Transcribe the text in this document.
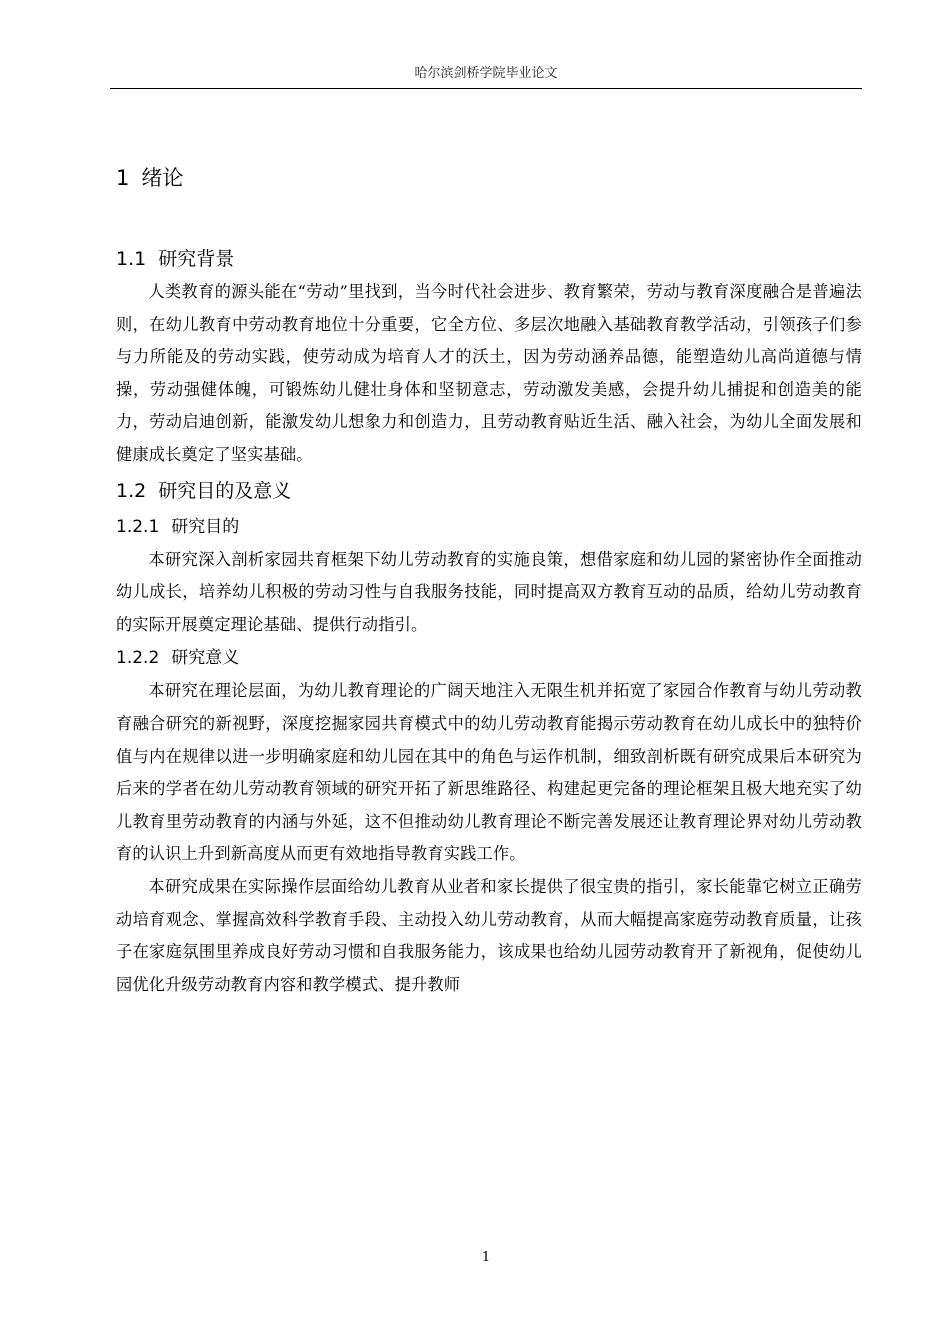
哈尔滨剑桥学院毕业论文
1 绪论
1.1 研究背景

人类教育的源头能在“劳动”里找到，当今时代社会进步、教育繁荣，劳动与教育深度融合是普遍法则，在幼儿教育中劳动教育地位十分重要，它全方位、多层次地融入基础教育教学活动，引领孩子们参与力所能及的劳动实践，使劳动成为培育人才的沃土，因为劳动涵养品德，能塑造幼儿高尚道德与情操，劳动强健体魄，可锻炼幼儿健壮身体和坚韧意志，劳动激发美感，会提升幼儿捕捉和创造美的能力，劳动启迪创新，能激发幼儿想象力和创造力，且劳动教育贴近生活、融入社会，为幼儿全面发展和健康成长奠定了坚实基础。

1.2 研究目的及意义
1.2.1 研究目的

本研究深入剖析家园共育框架下幼儿劳动教育的实施良策，想借家庭和幼儿园的紧密协作全面推动幼儿成长，培养幼儿积极的劳动习性与自我服务技能，同时提高双方教育互动的品质，给幼儿劳动教育的实际开展奠定理论基础、提供行动指引。

1.2.2 研究意义

本研究在理论层面，为幼儿教育理论的广阔天地注入无限生机并拓宽了家园合作教育与幼儿劳动教育融合研究的新视野，深度挖掘家园共育模式中的幼儿劳动教育能揭示劳动教育在幼儿成长中的独特价值与内在规律以进一步明确家庭和幼儿园在其中的角色与运作机制，细致剖析既有研究成果后本研究为后来的学者在幼儿劳动教育领域的研究开拓了新思维路径、构建起更完备的理论框架且极大地充实了幼儿教育里劳动教育的内涵与外延，这不但推动幼儿教育理论不断完善发展还让教育理论界对幼儿劳动教育的认识上升到新高度从而更有效地指导教育实践工作。

本研究成果在实际操作层面给幼儿教育从业者和家长提供了很宝贵的指引，家长能靠它树立正确劳动培育观念、掌握高效科学教育手段、主动投入幼儿劳动教育，从而大幅提高家庭劳动教育质量，让孩子在家庭氛围里养成良好劳动习惯和自我服务能力，该成果也给幼儿园劳动教育开了新视角，促使幼儿园优化升级劳动教育内容和教学模式、提升教师

1
